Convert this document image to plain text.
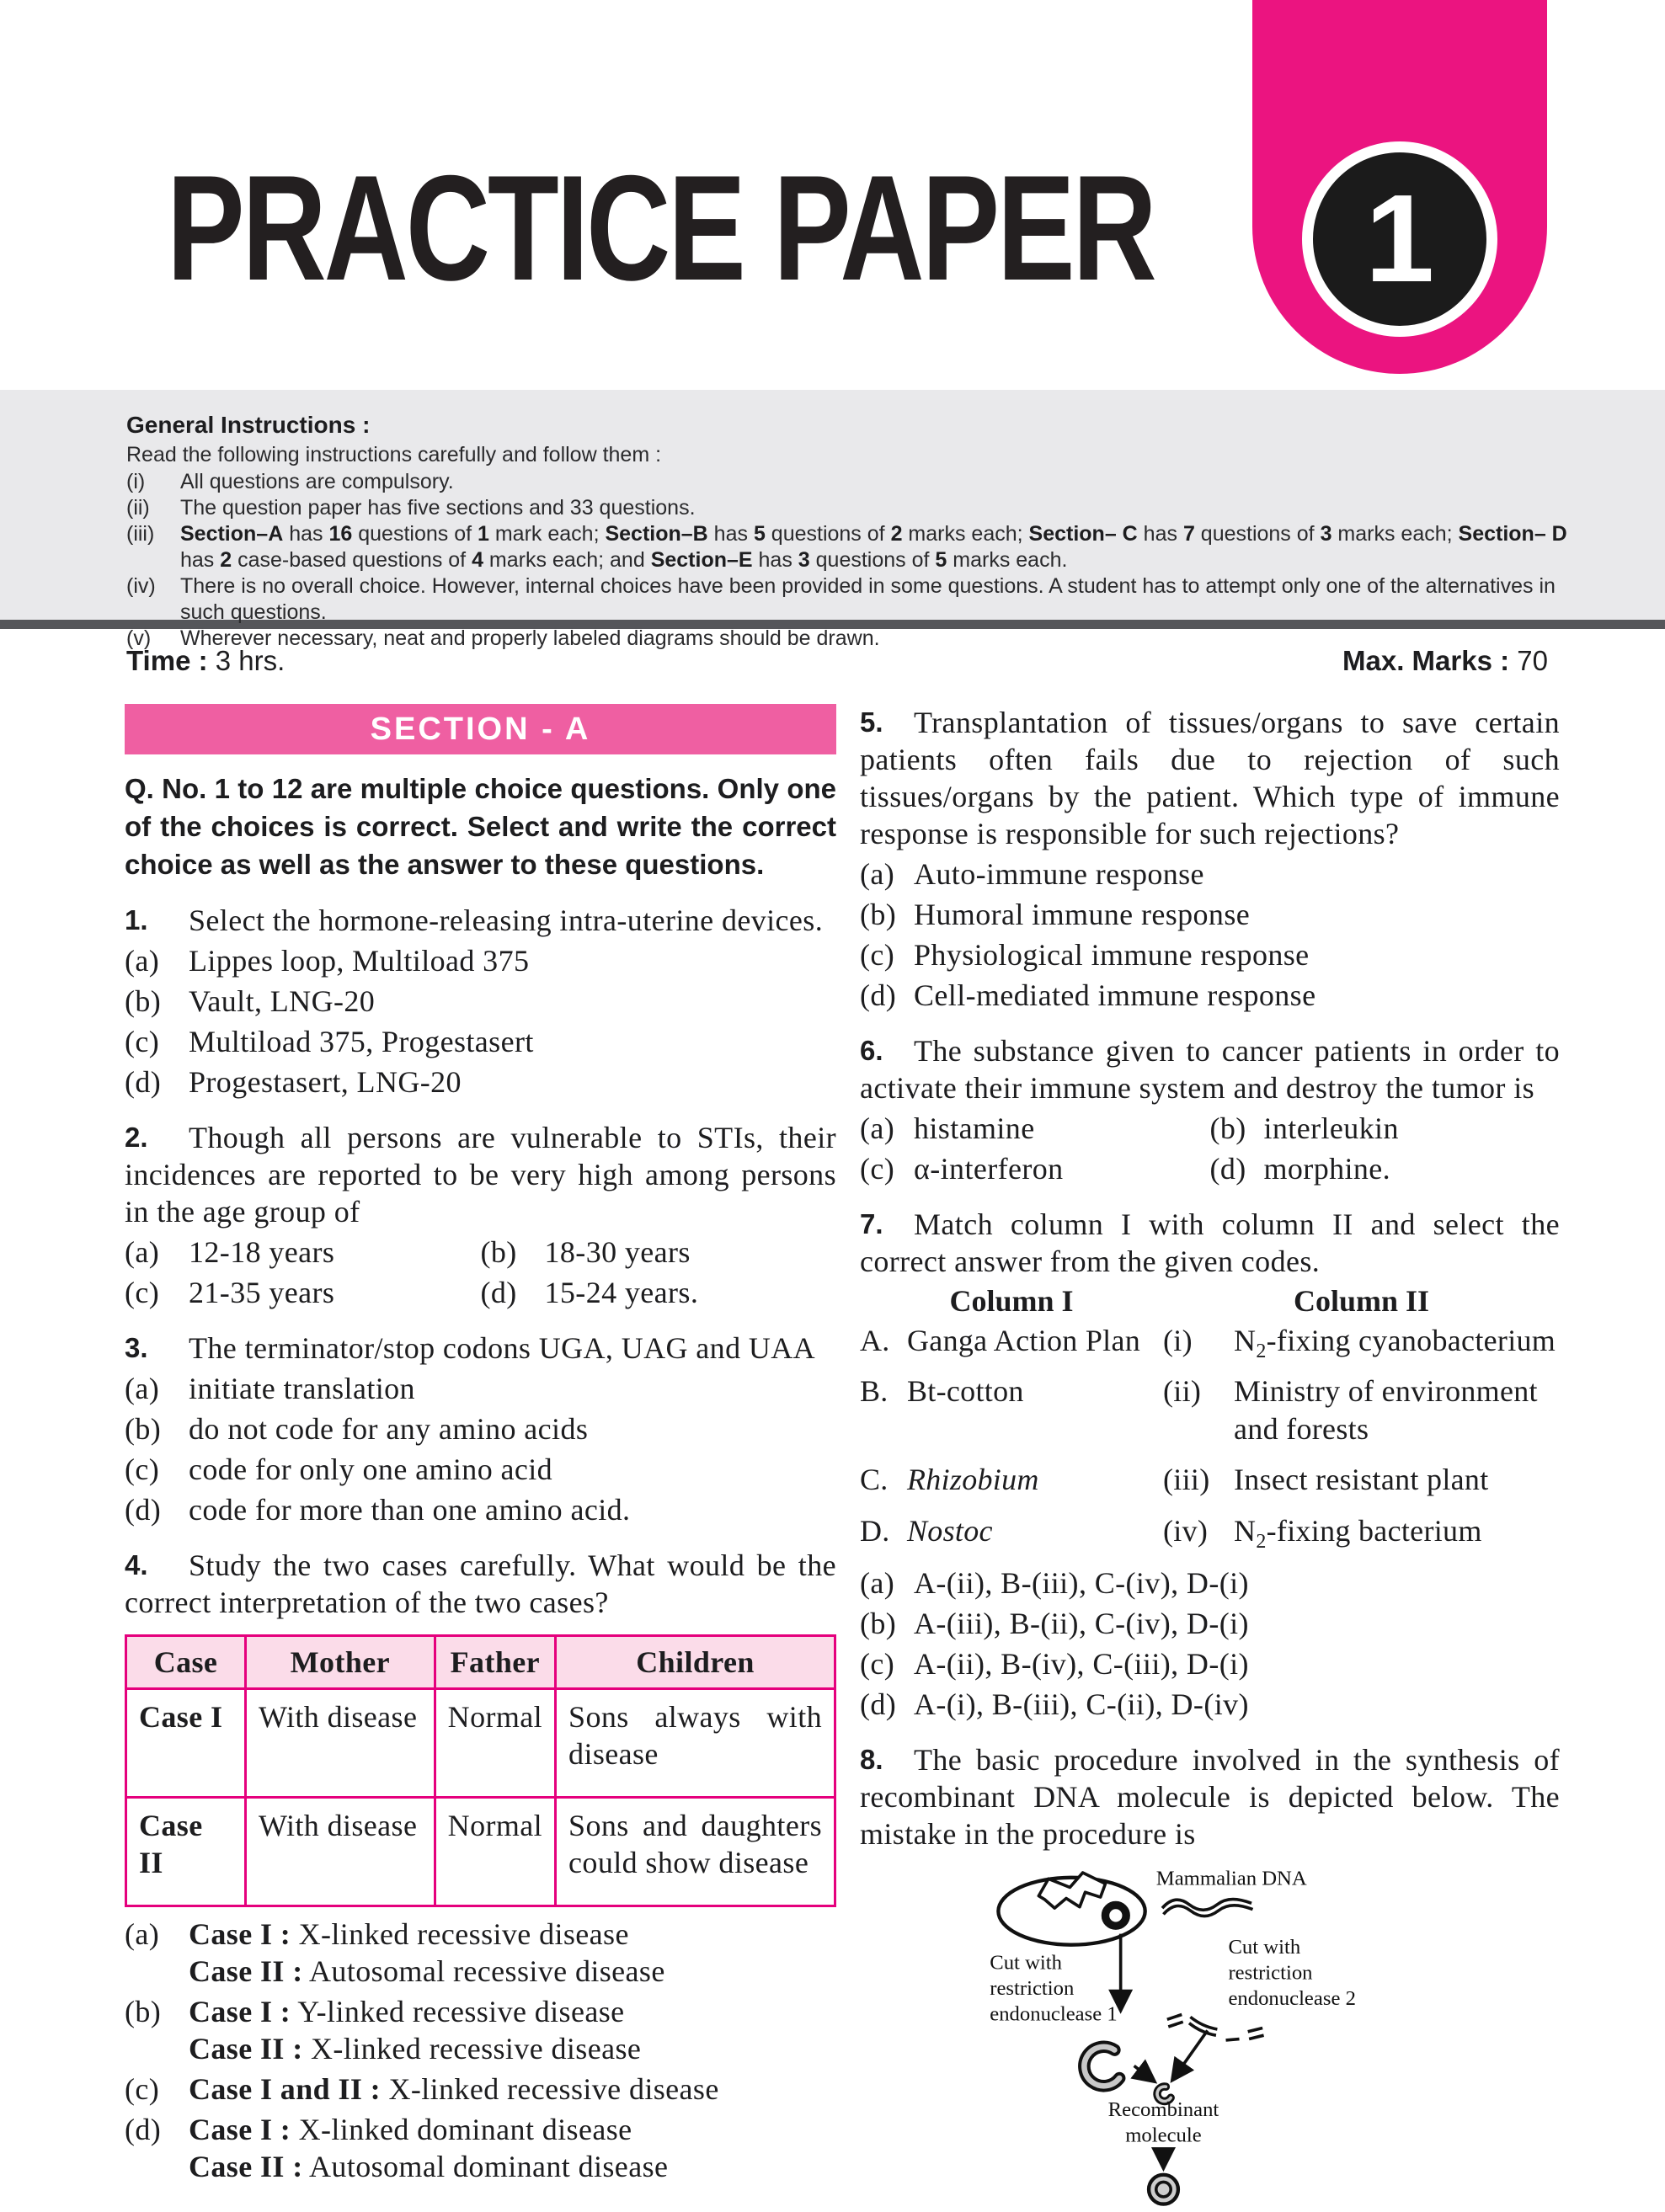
PRACTICE PAPER 1
General Instructions :
Read the following instructions carefully and follow them :
(i)	All questions are compulsory.
(ii)	The question paper has five sections and 33 questions.
(iii)	Section–A has 16 questions of 1 mark each; Section–B has 5 questions of 2 marks each; Section– C has 7 questions of 3 marks each; Section– D has 2 case-based questions of 4 marks each; and Section–E has 3 questions of 5 marks each.
(iv)	There is no overall choice. However, internal choices have been provided in some questions. A student has to attempt only one of the alternatives in such questions.
(v)	Wherever necessary, neat and properly labeled diagrams should be drawn.
Time : 3 hrs.	Max. Marks : 70
SECTION - A
Q. No. 1 to 12 are multiple choice questions. Only one of the choices is correct. Select and write the correct choice as well as the answer to these questions.
1.	Select the hormone-releasing intra-uterine devices.
(a) Lippes loop, Multiload 375
(b) Vault, LNG-20
(c) Multiload 375, Progestasert
(d) Progestasert, LNG-20
2.	Though all persons are vulnerable to STIs, their incidences are reported to be very high among persons in the age group of
(a) 12-18 years	(b) 18-30 years
(c) 21-35 years	(d) 15-24 years.
3.	The terminator/stop codons UGA, UAG and UAA
(a) initiate translation
(b) do not code for any amino acids
(c) code for only one amino acid
(d) code for more than one amino acid.
4.	Study the two cases carefully. What would be the correct interpretation of the two cases?
Case	Mother	Father	Children
Case I	With disease	Normal	Sons always with disease
Case II	With disease	Normal	Sons and daughters could show disease
(a) Case I : X-linked recessive disease
Case II : Autosomal recessive disease
(b) Case I : Y-linked recessive disease
Case II : X-linked recessive disease
(c) Case I and II : X-linked recessive disease
(d) Case I : X-linked dominant disease
Case II : Autosomal dominant disease
5.	Transplantation of tissues/organs to save certain patients often fails due to rejection of such tissues/organs by the patient. Which type of immune response is responsible for such rejections?
(a) Auto-immune response
(b) Humoral immune response
(c) Physiological immune response
(d) Cell-mediated immune response
6.	The substance given to cancer patients in order to activate their immune system and destroy the tumor is
(a) histamine	(b) interleukin
(c) α-interferon	(d) morphine.
7.	Match column I with column II and select the correct answer from the given codes.
Column I	Column II
A. Ganga Action Plan (i)	$N_2$-fixing cyanobacterium
B. Bt-cotton	(ii)	Ministry of environment and forests
C. Rhizobium	(iii) Insect resistant plant
D. Nostoc	(iv) $N_2$-fixing bacterium
(a) A-(ii), B-(iii), C-(iv), D-(i)
(b) A-(iii), B-(ii), C-(iv), D-(i)
(c) A-(ii), B-(iv), C-(iii), D-(i)
(d) A-(i), B-(iii), C-(ii), D-(iv)
8.	The basic procedure involved in the synthesis of recombinant DNA molecule is depicted below. The mistake in the procedure is
Mammalian DNA
Cut with
restriction
endonuclease 1
Cut with
restriction
endonuclease 2
Recombinant
molecule
